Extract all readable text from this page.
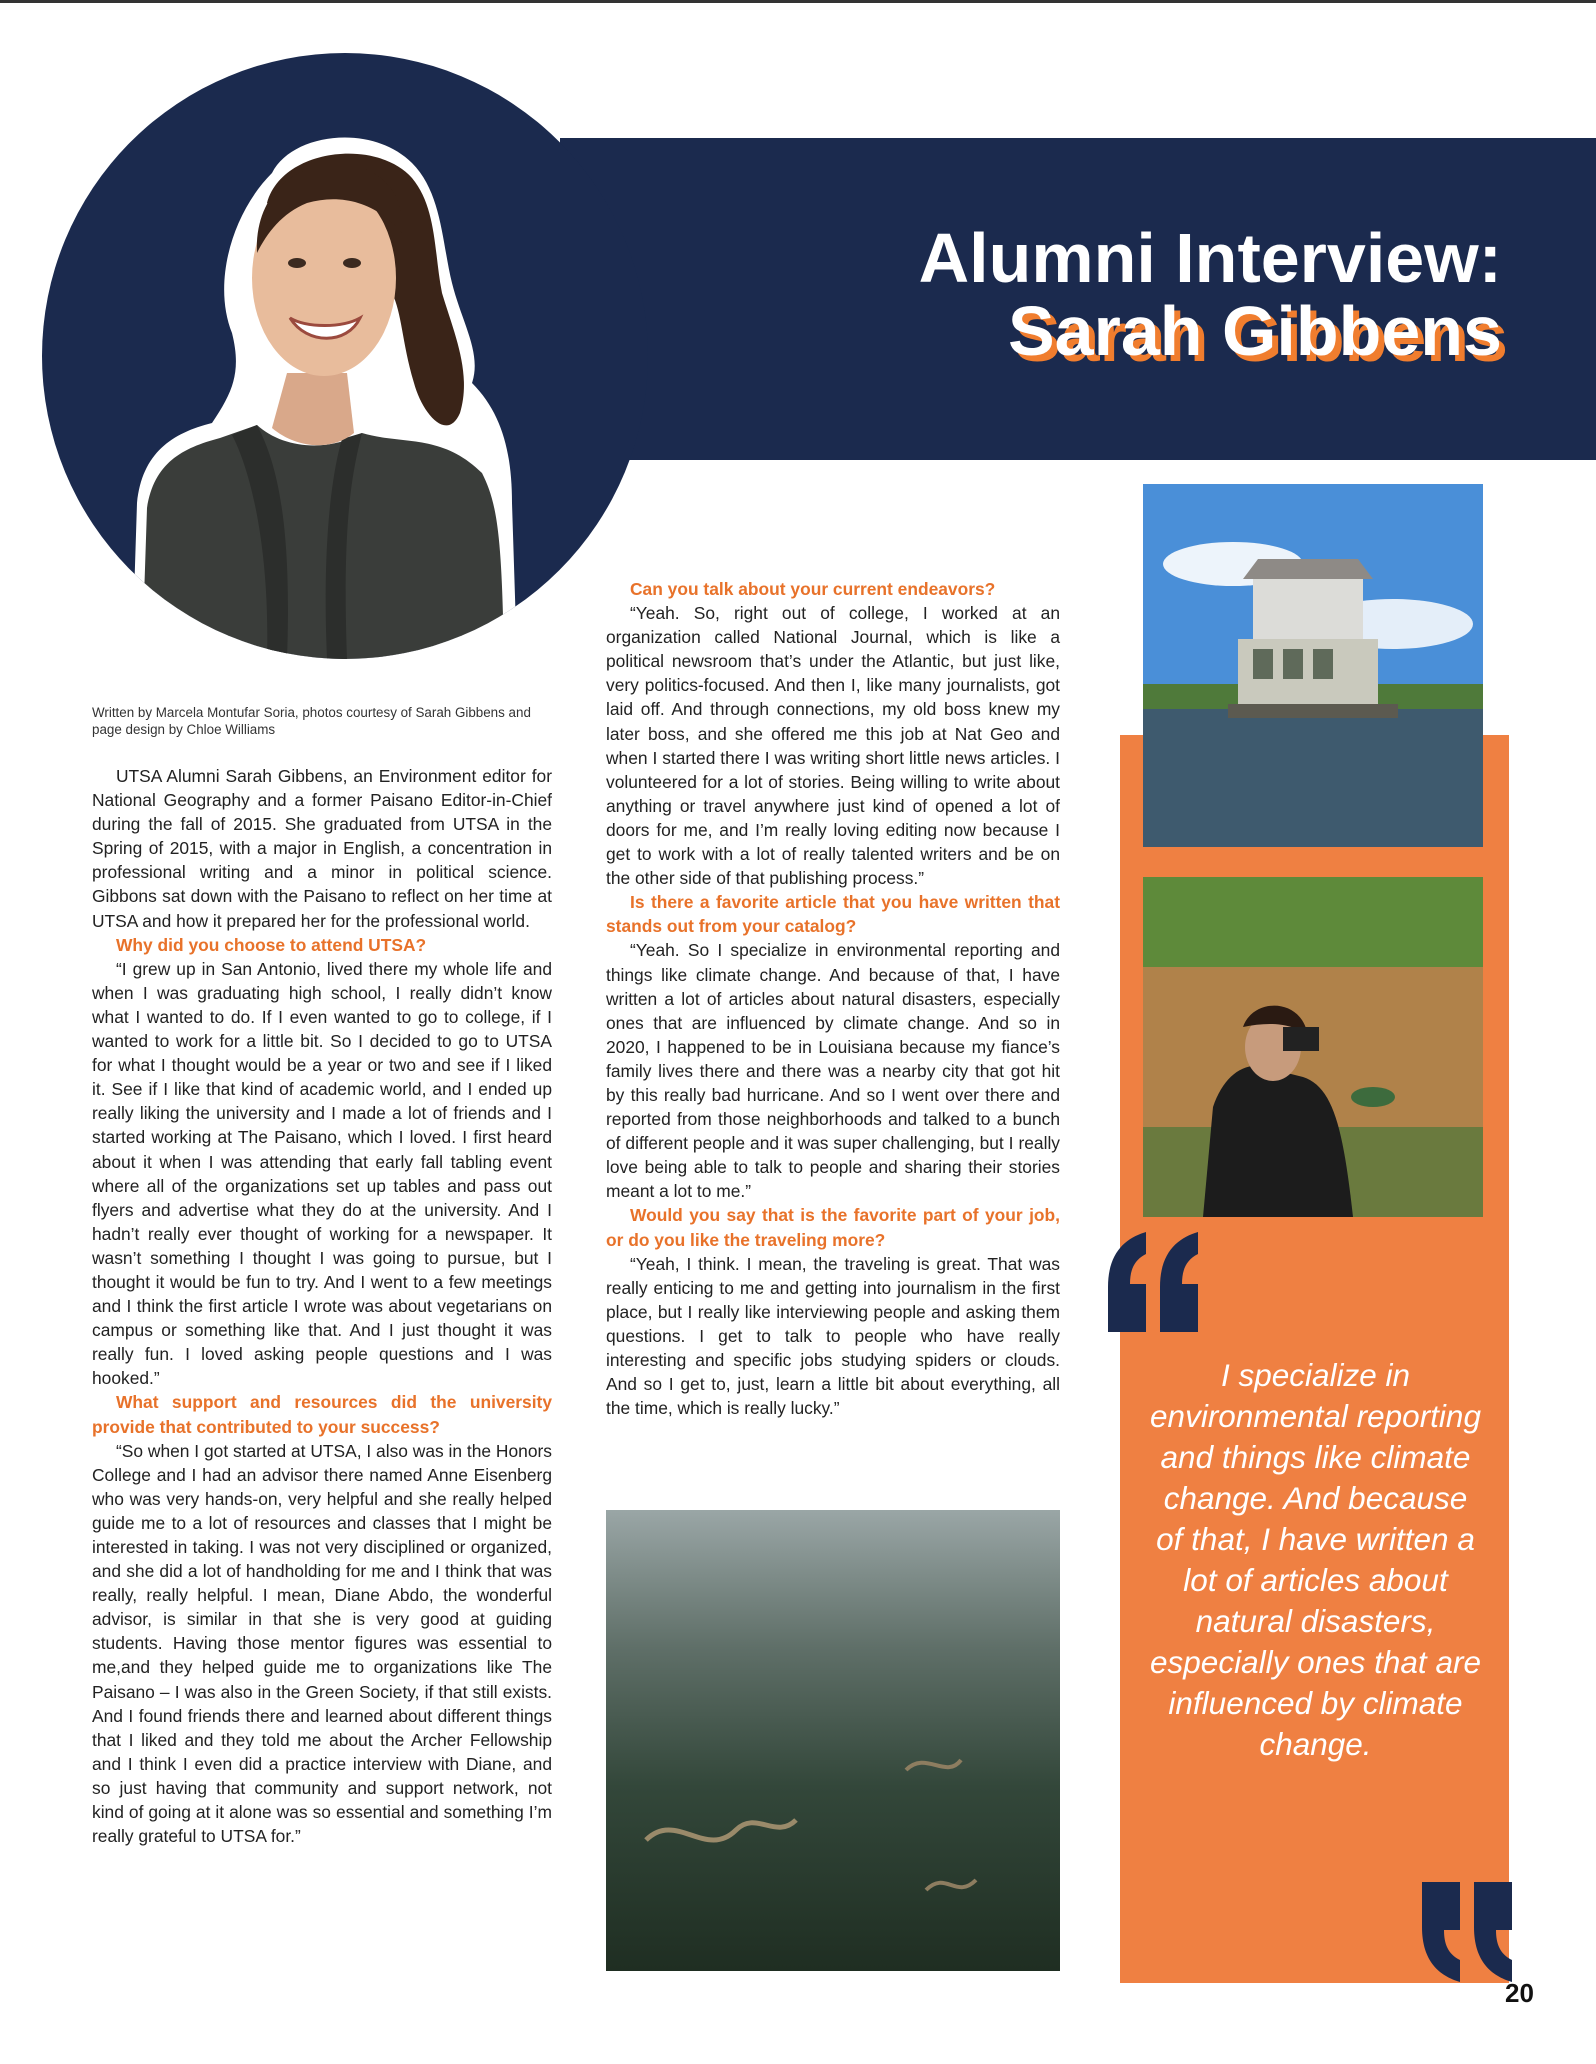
Alumni Interview:
Sarah Gibbens
Written by Marcela Montufar Soria, photos courtesy of Sarah Gibbens and page design by Chloe Williams

UTSA Alumni Sarah Gibbens, an Environment editor for National Geography and a former Paisano Editor-in-Chief during the fall of 2015. She graduated from UTSA in the Spring of 2015, with a major in English, a concentration in professional writing and a minor in political science. Gibbons sat down with the Paisano to reflect on her time at UTSA and how it prepared her for the professional world.

Why did you choose to attend UTSA?

“I grew up in San Antonio, lived there my whole life and when I was graduating high school, I really didn’t know what I wanted to do. If I even wanted to go to college, if I wanted to work for a little bit. So I decided to go to UTSA for what I thought would be a year or two and see if I liked it. See if I like that kind of academic world, and I ended up really liking the university and I made a lot of friends and I started working at The Paisano, which I loved. I first heard about it when I was attending that early fall tabling event where all of the organizations set up tables and pass out flyers and advertise what they do at the university. And I hadn’t really ever thought of working for a newspaper. It wasn’t something I thought I was going to pursue, but I thought it would be fun to try. And I went to a few meetings and I think the first article I wrote was about vegetarians on campus or something like that. And I just thought it was really fun. I loved asking people questions and I was hooked.”

What support and resources did the university provide that contributed to your success?

“So when I got started at UTSA, I also was in the Honors College and I had an advisor there named Anne Eisenberg who was very hands-on, very helpful and she really helped guide me to a lot of resources and classes that I might be interested in taking. I was not very disciplined or organized, and she did a lot of handholding for me and I think that was really, really helpful. I mean, Diane Abdo, the wonderful advisor, is similar in that she is very good at guiding students. Having those mentor figures was essential to me,and they helped guide me to organizations like The Paisano – I was also in the Green Society, if that still exists. And I found friends there and learned about different things that I liked and they told me about the Archer Fellowship and I think I even did a practice interview with Diane, and so just having that community and support network, not kind of going at it alone was so essential and something I’m really grateful to UTSA for.”

Can you talk about your current endeavors?

“Yeah. So, right out of college, I worked at an organization called National Journal, which is like a political newsroom that’s under the Atlantic, but just like, very politics-focused. And then I, like many journalists, got laid off. And through connections, my old boss knew my later boss, and she offered me this job at Nat Geo and when I started there I was writing short little news articles. I volunteered for a lot of stories. Being willing to write about anything or travel anywhere just kind of opened a lot of doors for me, and I’m really loving editing now because I get to work with a lot of really talented writers and be on the other side of that publishing process.”

Is there a favorite article that you have written that stands out from your catalog?

“Yeah. So I specialize in environmental reporting and things like climate change. And because of that, I have written a lot of articles about natural disasters, especially ones that are influenced by climate change. And so in 2020, I happened to be in Louisiana because my fiance’s family lives there and there was a nearby city that got hit by this really bad hurricane. And so I went over there and reported from those neighborhoods and talked to a bunch of different people and it was super challenging, but I really love being able to talk to people and sharing their stories meant a lot to me.”

Would you say that is the favorite part of your job, or do you like the traveling more?

“Yeah, I think. I mean, the traveling is great. That was really enticing to me and getting into journalism in the first place, but I really like interviewing people and asking them questions. I get to talk to people who have really interesting and specific jobs studying spiders or clouds. And so I get to, just, learn a little bit about everything, all the time, which is really lucky.”

I specialize in environmental reporting and things like climate change. And because of that, I have written a lot of articles about natural disasters, especially ones that are influenced by climate change.
20
